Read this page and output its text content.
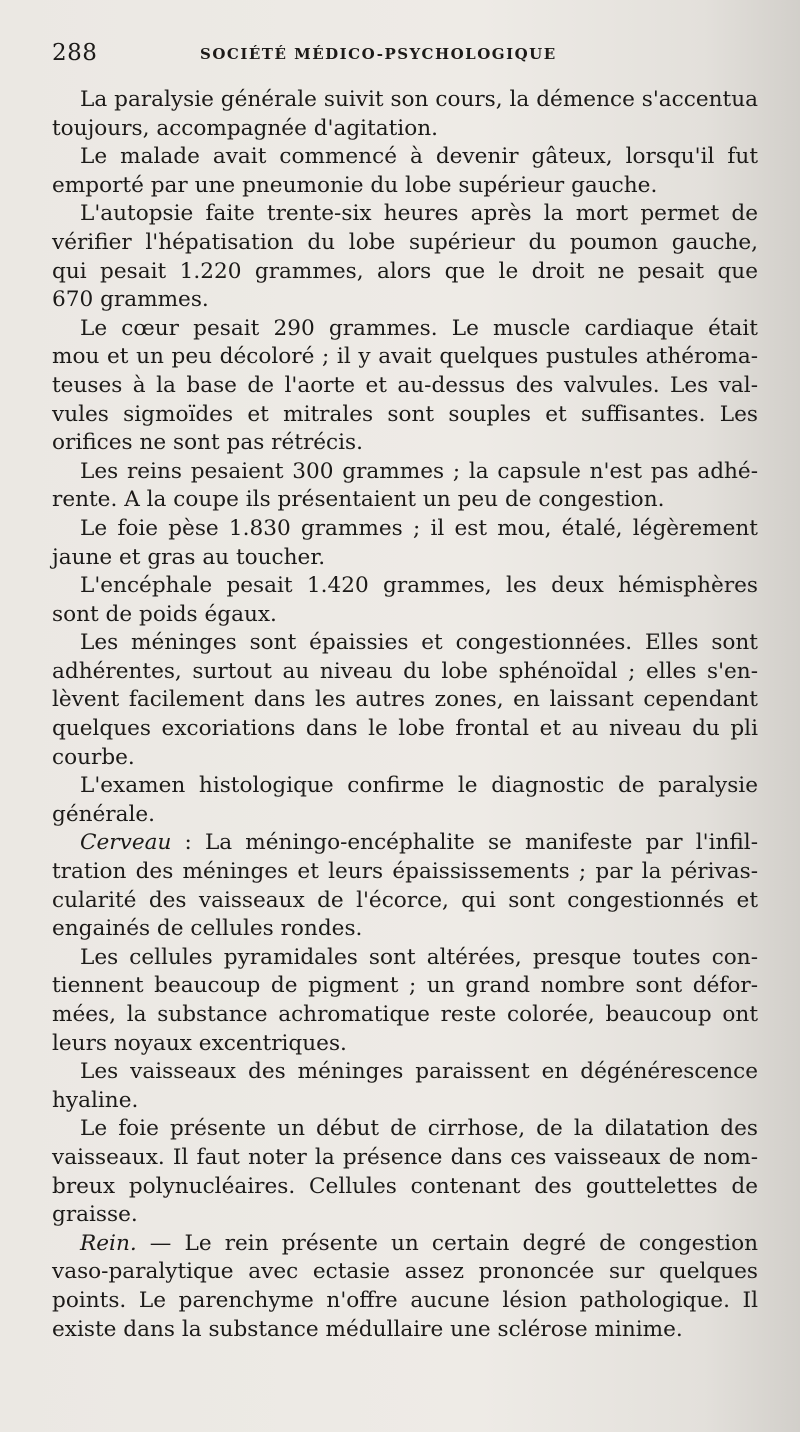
288	SOCIÉTÉ MÉDICO-PSYCHOLOGIQUE
La paralysie générale suivit son cours, la démence s'accentua
toujours, accompagnée d'agitation.
Le malade avait commencé à devenir gâteux, lorsqu'il fut
emporté par une pneumonie du lobe supérieur gauche.
L'autopsie faite trente-six heures après la mort permet de
vérifier l'hépatisation du lobe supérieur du poumon gauche,
qui pesait 1.220 grammes, alors que le droit ne pesait que
670 grammes.
Le cœur pesait 290 grammes. Le muscle cardiaque était
mou et un peu décoloré ; il y avait quelques pustules athéroma-
teuses à la base de l'aorte et au-dessus des valvules. Les val-
vules sigmoïdes et mitrales sont souples et suffisantes. Les
orifices ne sont pas rétrécis.
Les reins pesaient 300 grammes ; la capsule n'est pas adhé-
rente. A la coupe ils présentaient un peu de congestion.
Le foie pèse 1.830 grammes ; il est mou, étalé, légèrement
jaune et gras au toucher.
L'encéphale pesait 1.420 grammes, les deux hémisphères
sont de poids égaux.
Les méninges sont épaissies et congestionnées. Elles sont
adhérentes, surtout au niveau du lobe sphénoïdal ; elles s'en-
lèvent facilement dans les autres zones, en laissant cependant
quelques excoriations dans le lobe frontal et au niveau du pli
courbe.
L'examen histologique confirme le diagnostic de paralysie
générale.
Cerveau : La méningo-encéphalite se manifeste par l'infil-
tration des méninges et leurs épaississements ; par la périvas-
cularité des vaisseaux de l'écorce, qui sont congestionnés et
engainés de cellules rondes.
Les cellules pyramidales sont altérées, presque toutes con-
tiennent beaucoup de pigment ; un grand nombre sont défor-
mées, la substance achromatique reste colorée, beaucoup ont
leurs noyaux excentriques.
Les vaisseaux des méninges paraissent en dégénérescence
hyaline.
Le foie présente un début de cirrhose, de la dilatation des
vaisseaux. Il faut noter la présence dans ces vaisseaux de nom-
breux polynucléaires. Cellules contenant des gouttelettes de
graisse.
Rein. — Le rein présente un certain degré de congestion
vaso-paralytique avec ectasie assez prononcée sur quelques
points. Le parenchyme n'offre aucune lésion pathologique. Il
existe dans la substance médullaire une sclérose minime.
